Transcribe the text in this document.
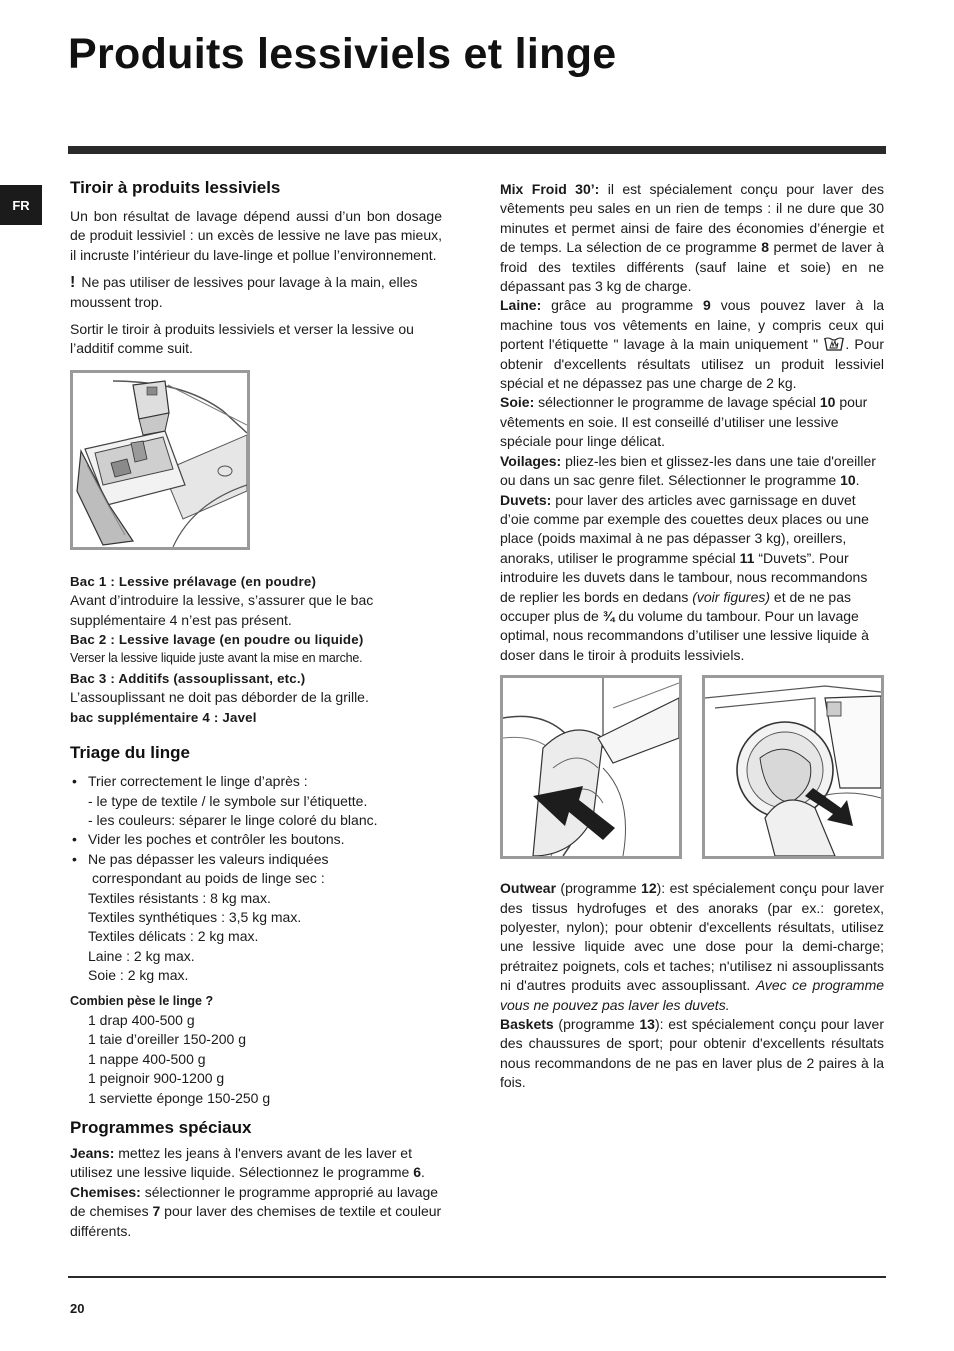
Produits lessiviels et linge
FR
Tiroir à produits lessiviels

Un bon résultat de lavage dépend aussi d’un bon dosage de produit lessiviel : un excès de lessive ne lave pas mieux, il incruste l’intérieur du lave-linge et pollue l’environnement.

! Ne pas utiliser de lessives pour lavage à la main, elles moussent trop.

Sortir le tiroir à produits lessiviels et verser la lessive ou l’additif comme suit.

Bac 1 : Lessive prélavage (en poudre)

Avant d’introduire la lessive, s’assurer que le bac supplémentaire 4 n’est pas présent.

Bac 2 : Lessive lavage (en poudre ou liquide)

Verser la lessive liquide juste avant la mise en marche.

Bac 3 : Additifs (assouplissant, etc.)

L’assouplissant ne doit pas déborder de la grille.

bac supplémentaire 4 : Javel

Triage du linge
• Trier correctement le linge d’après :
- le type de textile / le symbole sur l’étiquette.
- les couleurs: séparer le linge coloré du blanc.
• Vider les poches et contrôler les boutons.
• Ne pas dépasser les valeurs indiquées
correspondant au poids de linge sec :
Textiles résistants : 8 kg max.
Textiles synthétiques : 3,5 kg max.
Textiles délicats : 2 kg max.
Laine : 2 kg max.
Soie : 2 kg max.

Combien pèse le linge ?

1 drap 400-500 g
1 taie d’oreiller 150-200 g
1 nappe 400-500 g
1 peignoir 900-1200 g
1 serviette éponge 150-250 g
Programmes spéciaux

Jeans: mettez les jeans à l'envers avant de les laver et utilisez une lessive liquide. Sélectionnez le programme 6.

Chemises: sélectionner le programme approprié au lavage de chemises 7 pour laver des chemises de textile et couleur différents.

Mix Froid 30’: il est spécialement conçu pour laver des vêtements peu sales en un rien de temps : il ne dure que 30 minutes et permet ainsi de faire des économies d’énergie et de temps. La sélection de ce programme 8 permet de laver à froid des textiles différents (sauf laine et soie) en ne dépassant pas 3 kg de charge.

Laine: grâce au programme 9 vous pouvez laver à la machine tous vos vêtements en laine, y compris ceux qui portent l'étiquette " lavage à la main uniquement " . Pour obtenir d'excellents résultats utilisez un produit lessiviel spécial et ne dépassez pas une charge de 2 kg.

Soie: sélectionner le programme de lavage spécial 10 pour vêtements en soie. Il est conseillé d’utiliser une lessive spéciale pour linge délicat.

Voilages: pliez-les bien et glissez-les dans une taie d'oreiller ou dans un sac genre filet. Sélectionner le programme 10.

Duvets: pour laver des articles avec garnissage en duvet d’oie comme par exemple des couettes deux places ou une place (poids maximal à ne pas dépasser 3 kg), oreillers, anoraks, utiliser le programme spécial 11 “Duvets”. Pour introduire les duvets dans le tambour, nous recommandons de replier les bords en dedans (voir figures) et de ne pas occuper plus de ¾ du volume du tambour. Pour un lavage optimal, nous recommandons d’utiliser une lessive liquide à doser dans le tiroir à produits lessiviels.

Outwear (programme 12): est spécialement conçu pour laver des tissus hydrofuges et des anoraks (par ex.: goretex, polyester, nylon); pour obtenir d'excellents résultats, utilisez une lessive liquide avec une dose pour la demi-charge; prétraitez poignets, cols et taches; n'utilisez ni assouplissants ni d'autres produits avec assouplissant. Avec ce programme vous ne pouvez pas laver les duvets.

Baskets (programme 13): est spécialement conçu pour laver des chaussures de sport; pour obtenir d'excellents résultats nous recommandons de ne pas en laver plus de 2 paires à la fois.

20
